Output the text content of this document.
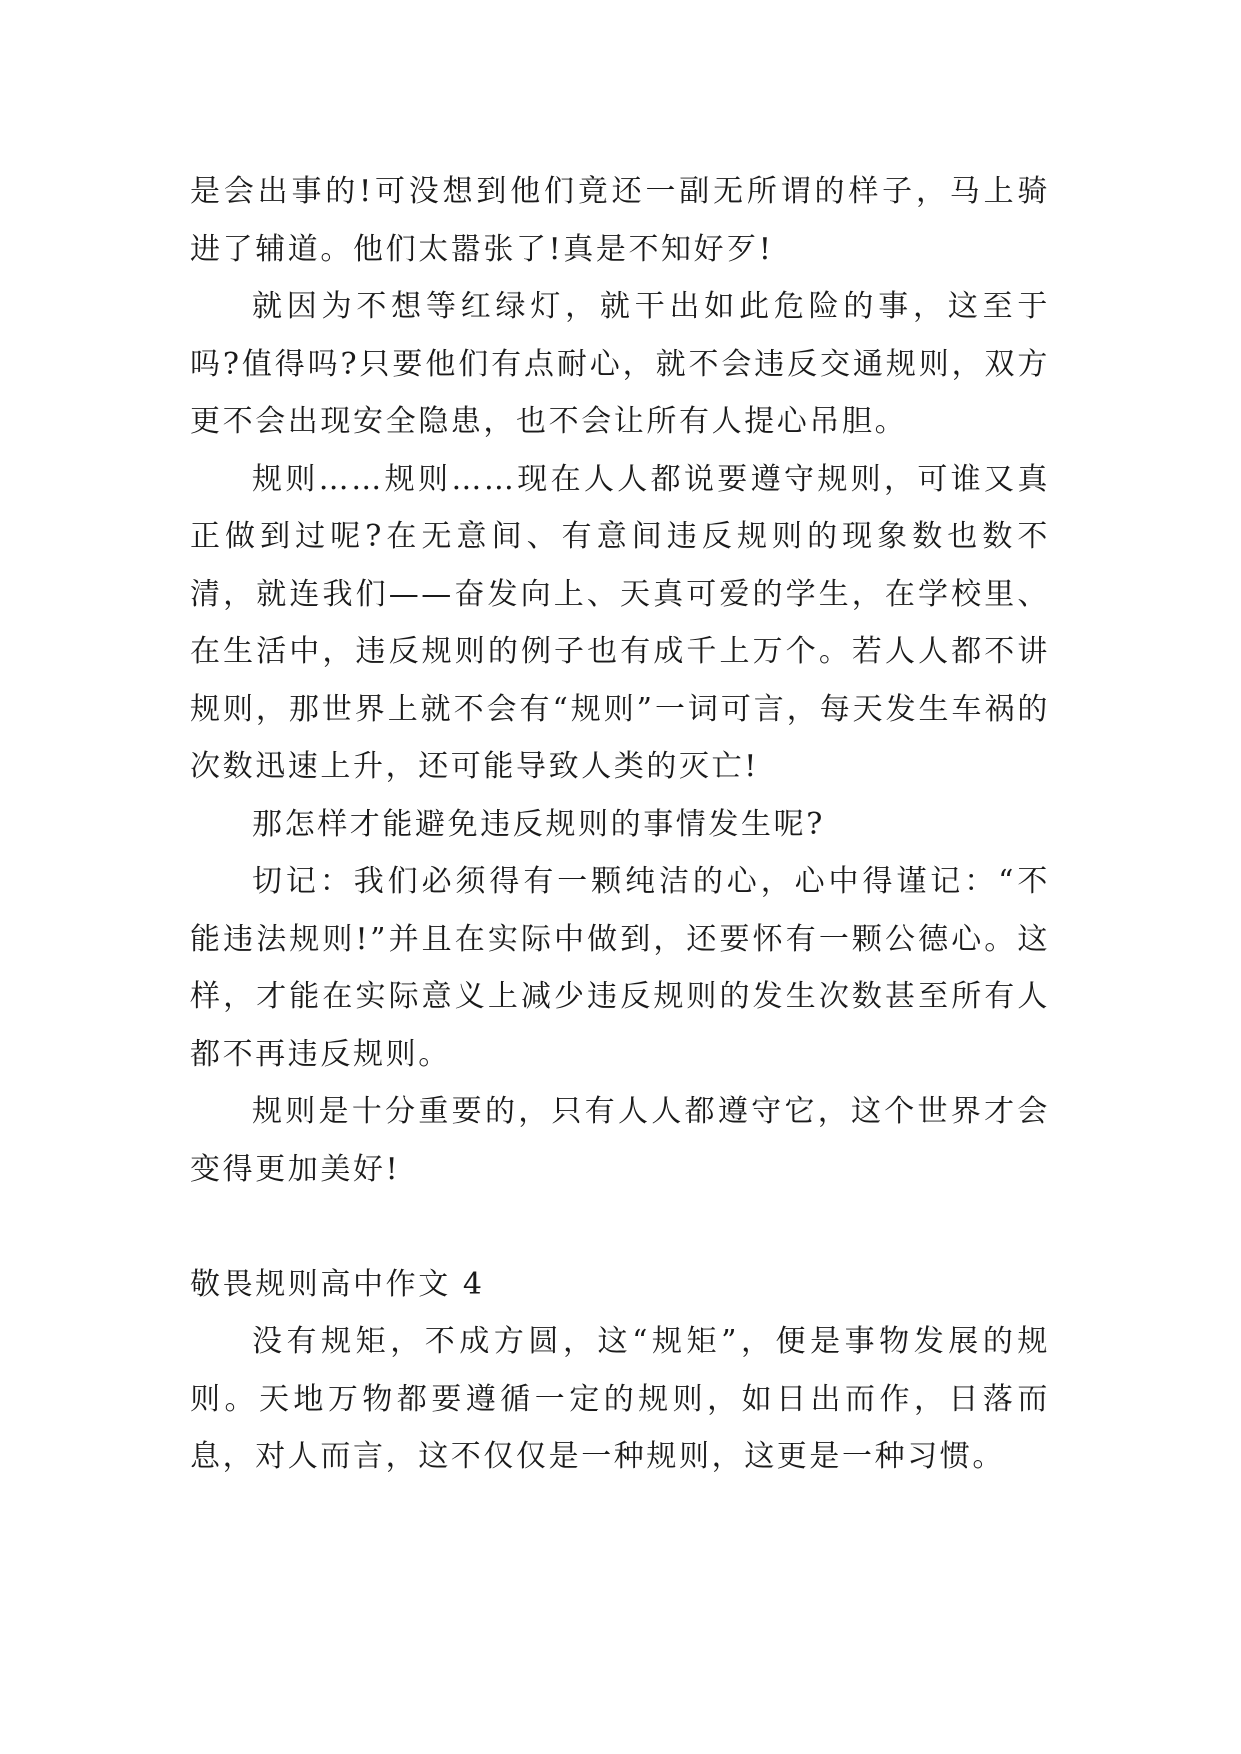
是会出事的!可没想到他们竟还一副无所谓的样子，马上骑进了辅道。他们太嚣张了!真是不知好歹!

就因为不想等红绿灯，就干出如此危险的事，这至于吗?值得吗?只要他们有点耐心，就不会违反交通规则，双方更不会出现安全隐患，也不会让所有人提心吊胆。

规则……规则……现在人人都说要遵守规则，可谁又真正做到过呢?在无意间、有意间违反规则的现象数也数不清，就连我们——奋发向上、天真可爱的学生，在学校里、在生活中，违反规则的例子也有成千上万个。若人人都不讲规则，那世界上就不会有“规则”一词可言，每天发生车祸的次数迅速上升，还可能导致人类的灭亡!

那怎样才能避免违反规则的事情发生呢?

切记：我们必须得有一颗纯洁的心，心中得谨记：“不能违法规则!”并且在实际中做到，还要怀有一颗公德心。这样，才能在实际意义上减少违反规则的发生次数甚至所有人都不再违反规则。

规则是十分重要的，只有人人都遵守它，这个世界才会变得更加美好!

敬畏规则高中作文 4

没有规矩，不成方圆，这“规矩”，便是事物发展的规则。天地万物都要遵循一定的规则，如日出而作，日落而息，对人而言，这不仅仅是一种规则，这更是一种习惯。
